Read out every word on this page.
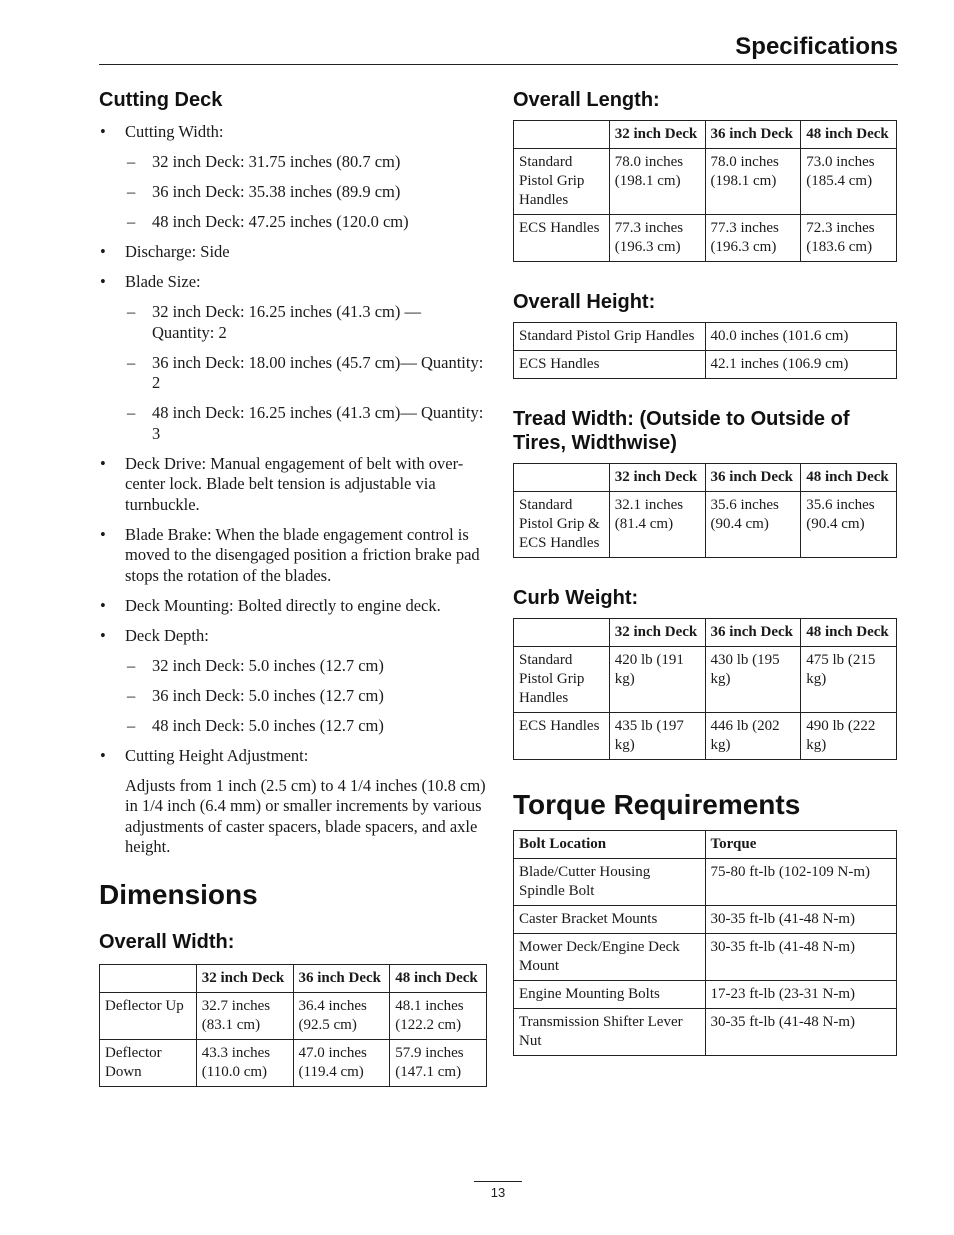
Specifications
Cutting Deck
• Cutting Width:
– 32 inch Deck: 31.75 inches (80.7 cm)
– 36 inch Deck: 35.38 inches (89.9 cm)
– 48 inch Deck: 47.25 inches (120.0 cm)
• Discharge: Side
• Blade Size:
– 32 inch Deck: 16.25 inches (41.3 cm) — Quantity: 2
– 36 inch Deck: 18.00 inches (45.7 cm)— Quantity: 2
– 48 inch Deck: 16.25 inches (41.3 cm)— Quantity: 3
• Deck Drive: Manual engagement of belt with over-center lock. Blade belt tension is adjustable via turnbuckle.
• Blade Brake: When the blade engagement control is moved to the disengaged position a friction brake pad stops the rotation of the blades.
• Deck Mounting: Bolted directly to engine deck.
• Deck Depth:
– 32 inch Deck: 5.0 inches (12.7 cm)
– 36 inch Deck: 5.0 inches (12.7 cm)
– 48 inch Deck: 5.0 inches (12.7 cm)
• Cutting Height Adjustment:
Adjusts from 1 inch (2.5 cm) to 4 1/4 inches (10.8 cm) in 1/4 inch (6.4 mm) or smaller increments by various adjustments of caster spacers, blade spacers, and axle height.
Dimensions
Overall Width:
	32 inch Deck	36 inch Deck	48 inch Deck
Deflector Up	32.7 inches (83.1 cm)	36.4 inches (92.5 cm)	48.1 inches (122.2 cm)
Deflector Down	43.3 inches (110.0 cm)	47.0 inches (119.4 cm)	57.9 inches (147.1 cm)
Overall Length:
	32 inch Deck	36 inch Deck	48 inch Deck
Standard Pistol Grip Handles	78.0 inches (198.1 cm)	78.0 inches (198.1 cm)	73.0 inches (185.4 cm)
ECS Handles	77.3 inches (196.3 cm)	77.3 inches (196.3 cm)	72.3 inches (183.6 cm)
Overall Height:
Standard Pistol Grip Handles	40.0 inches (101.6 cm)
ECS Handles	42.1 inches (106.9 cm)
Tread Width: (Outside to Outside of Tires, Widthwise)
	32 inch Deck	36 inch Deck	48 inch Deck
Standard Pistol Grip & ECS Handles	32.1 inches (81.4 cm)	35.6 inches (90.4 cm)	35.6 inches (90.4 cm)
Curb Weight:
	32 inch Deck	36 inch Deck	48 inch Deck
Standard Pistol Grip Handles	420 lb (191 kg)	430 lb (195 kg)	475 lb (215 kg)
ECS Handles	435 lb (197 kg)	446 lb (202 kg)	490 lb (222 kg)
Torque Requirements
Bolt Location	Torque
Blade/Cutter Housing Spindle Bolt	75-80 ft-lb (102-109 N-m)
Caster Bracket Mounts	30-35 ft-lb (41-48 N-m)
Mower Deck/Engine Deck Mount	30-35 ft-lb (41-48 N-m)
Engine Mounting Bolts	17-23 ft-lb (23-31 N-m)
Transmission Shifter Lever Nut	30-35 ft-lb (41-48 N-m)
13
